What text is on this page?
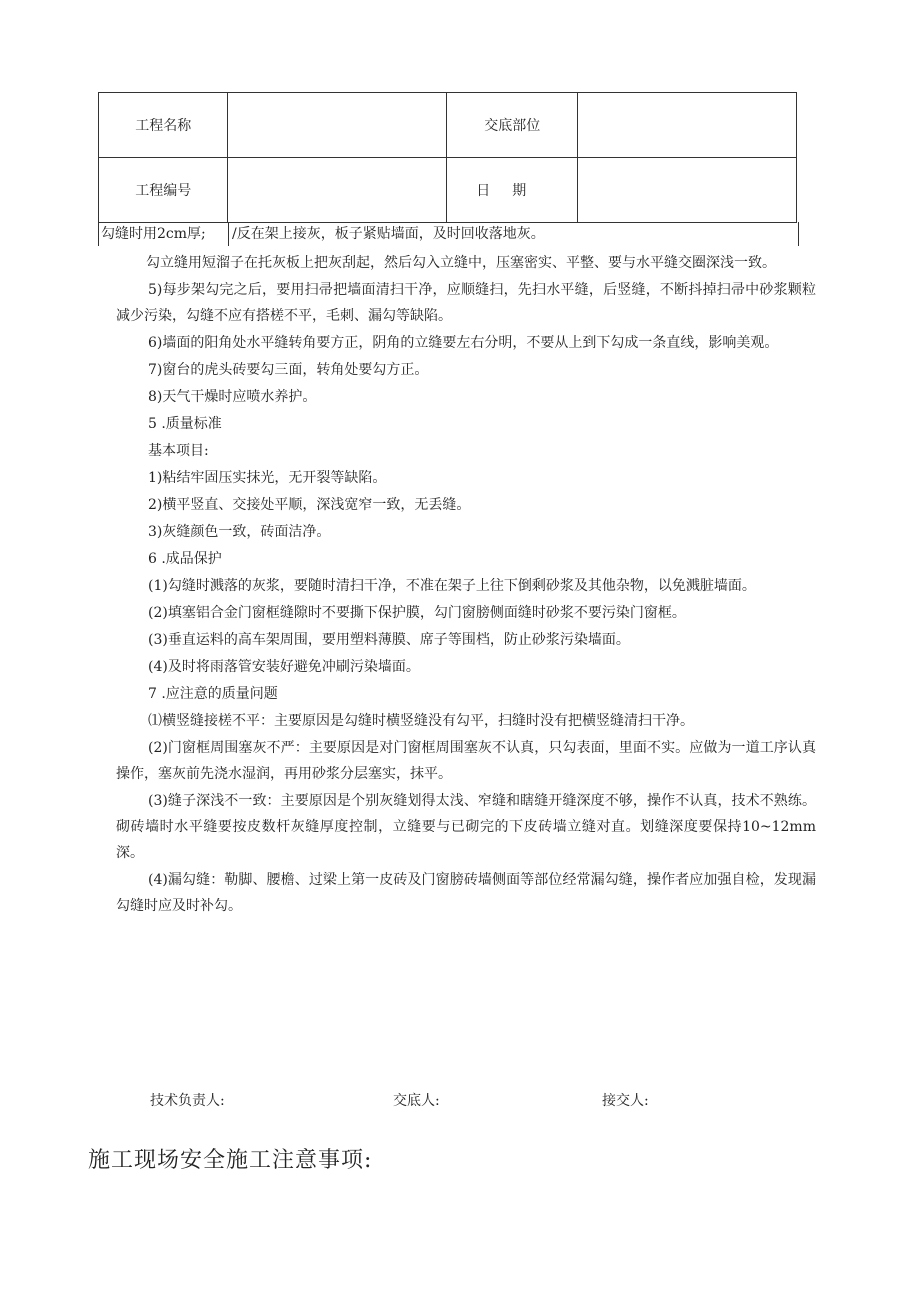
工程名称		交底部位	
工程编号		日期	
勾缝时用2cm厚; /反在架上接灰，板子紧贴墙面，及时回收落地灰。

勾立缝用短溜子在托灰板上把灰刮起，然后勾入立缝中，压塞密实、平整、要与水平缝交圈深浅一致。

5)每步架勾完之后，要用扫帚把墙面清扫干净，应顺缝扫，先扫水平缝，后竖缝，不断抖掉扫帚中砂浆颗粒减少污染，勾缝不应有搭槎不平，毛刺、漏勾等缺陷。

6)墙面的阳角处水平缝转角要方正，阴角的立缝要左右分明，不要从上到下勾成一条直线，影响美观。

7)窗台的虎头砖要勾三面，转角处要勾方正。

8)天气干燥时应喷水养护。

5 .质量标准

基本项目:

1)粘结牢固压实抹光，无开裂等缺陷。

2)横平竖直、交接处平顺，深浅宽窄一致，无丢缝。

3)灰缝颜色一致，砖面洁净。

6 .成品保护

(1)勾缝时溅落的灰浆，要随时清扫干净，不准在架子上往下倒剩砂浆及其他杂物，以免溅脏墙面。

(2)填塞铝合金门窗框缝隙时不要撕下保护膜，勾门窗膀侧面缝时砂浆不要污染门窗框。

(3)垂直运料的高车架周围，要用塑料薄膜、席子等围档，防止砂浆污染墙面。

(4)及时将雨落管安装好避免冲刷污染墙面。

7 .应注意的质量问题

⑴横竖缝接槎不平：主要原因是勾缝时横竖缝没有勾平，扫缝时没有把横竖缝清扫干净。

(2)门窗框周围塞灰不严：主要原因是对门窗框周围塞灰不认真，只勾表面，里面不实。应做为一道工序认真操作，塞灰前先浇水湿润，再用砂浆分层塞实，抹平。

(3)缝子深浅不一致：主要原因是个别灰缝划得太浅、窄缝和瞎缝开缝深度不够，操作不认真，技术不熟练。砌砖墙时水平缝要按皮数杆灰缝厚度控制，立缝要与已砌完的下皮砖墙立缝对直。划缝深度要保持10~12mm深。

(4)漏勾缝：勒脚、腰檐、过梁上第一皮砖及门窗膀砖墙侧面等部位经常漏勾缝，操作者应加强自检，发现漏勾缝时应及时补勾。

技术负责人:	交底人:	接交人:
施工现场安全施工注意事项:
